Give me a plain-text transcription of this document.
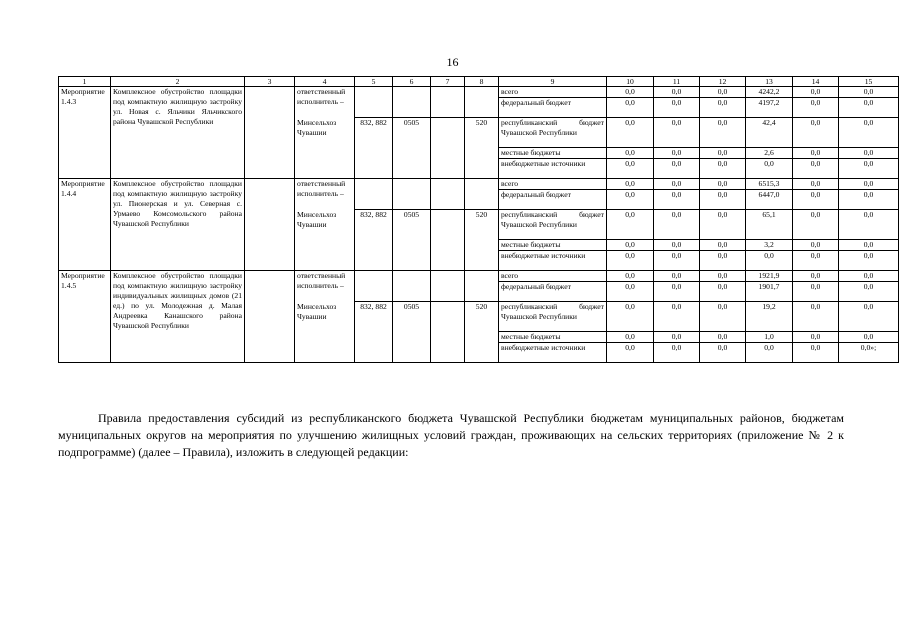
16
1	2	3	4	5	6	7	8	9	10	11	12	13	14	15
Мероприятие 1.4.3	Комплексное обустройство площадки под компактную жилищную застройку ул. Новая с. Яльчики Яльчикского района Чувашской Республики		ответственный исполнитель –					всего	0,0	0,0	0,0	4242,2	0,0	0,0
								федеральный бюджет	0,0	0,0	0,0	4197,2	0,0	0,0
			Минсельхоз Чувашии	832, 882	0505		520	республиканский бюджет Чувашской Республики	0,0	0,0	0,0	42,4	0,0	0,0
								местные бюджеты	0,0	0,0	0,0	2,6	0,0	0,0
								внебюджетные источники	0,0	0,0	0,0	0,0	0,0	0,0
Мероприятие 1.4.4	Комплексное обустройство площадки под компактную жилищную застройку ул. Пионерская и ул. Северная с. Урмаево Комсомольского района Чувашской Республики		ответственный исполнитель –					всего	0,0	0,0	0,0	6515,3	0,0	0,0
								федеральный бюджет	0,0	0,0	0,0	6447,0	0,0	0,0
			Минсельхоз Чувашии	832, 882	0505		520	республиканский бюджет Чувашской Республики	0,0	0,0	0,0	65,1	0,0	0,0
								местные бюджеты	0,0	0,0	0,0	3,2	0,0	0,0
								внебюджетные источники	0,0	0,0	0,0	0,0	0,0	0,0
Мероприятие 1.4.5	Комплексное обустройство площадки под компактную жилищную застройку индивидуальных жилищных домов (21 ед.) по ул. Молодежная д. Малая Андреевка Канашского района Чувашской Республики		ответственный исполнитель –					всего	0,0	0,0	0,0	1921,9	0,0	0,0
								федеральный бюджет	0,0	0,0	0,0	1901,7	0,0	0,0
			Минсельхоз Чувашии	832, 882	0505		520	республиканский бюджет Чувашской Республики	0,0	0,0	0,0	19,2	0,0	0,0
								местные бюджеты	0,0	0,0	0,0	1,0	0,0	0,0
								внебюджетные источники	0,0	0,0	0,0	0,0	0,0	0,0»;

Правила предоставления субсидий из республиканского бюджета Чувашской Республики бюджетам муниципальных районов, бюджетам муниципальных округов на мероприятия по улучшению жилищных условий граждан, проживающих на сельских территориях (приложение № 2 к подпрограмме) (далее – Правила), изложить в следующей редакции:
